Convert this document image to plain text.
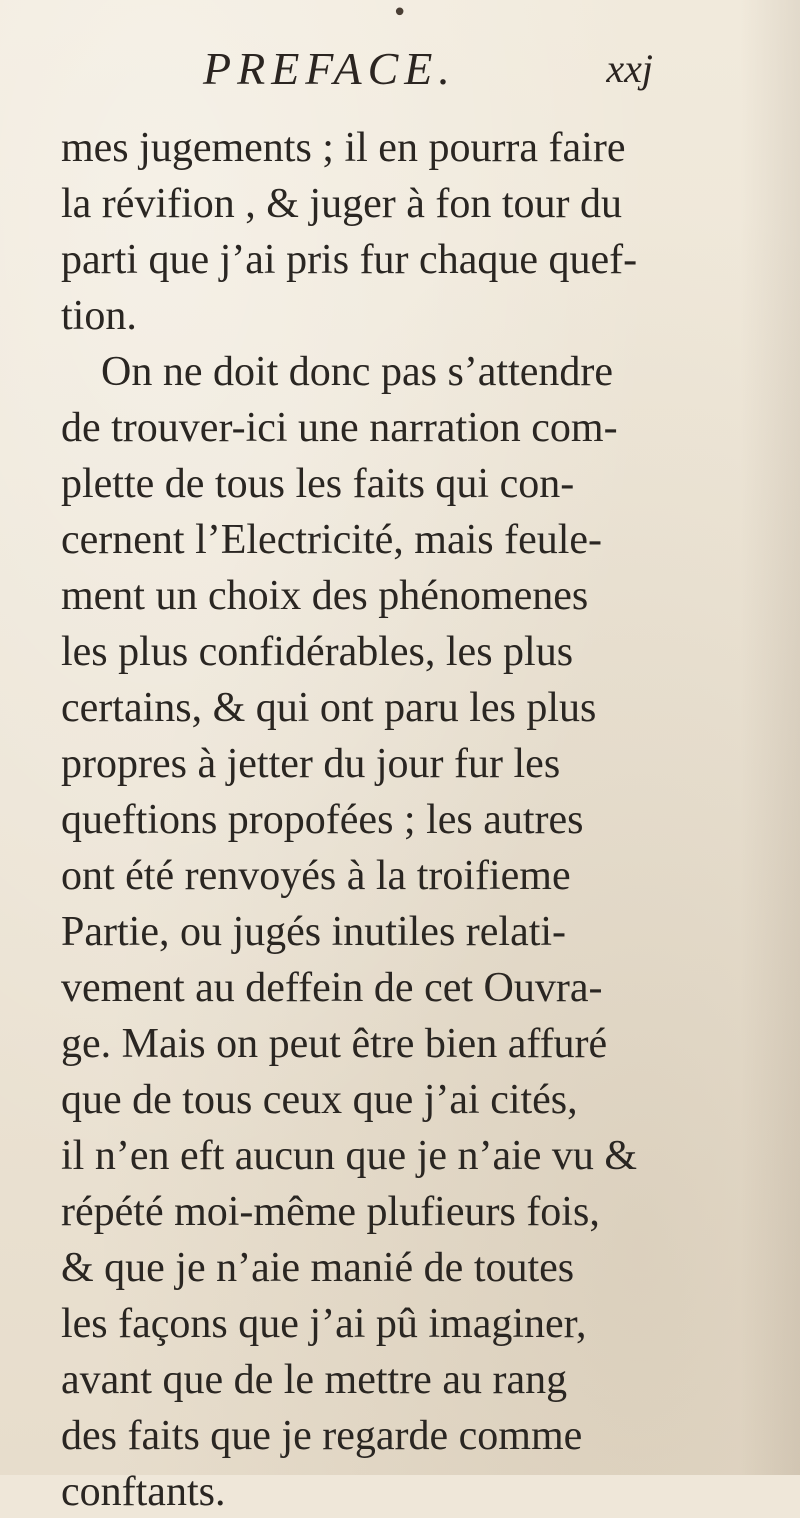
•
PREFACE.	xxj
mes jugements ; il en pourra faire
la révifion , & juger à fon tour du
parti que j’ai pris fur chaque quef-
tion.
On ne doit donc pas s’attendre
de trouver-ici une narration com-
plette de tous les faits qui con-
cernent l’Electricité, mais feule-
ment un choix des phénomenes
les plus confidérables, les plus
certains, & qui ont paru les plus
propres à jetter du jour fur les
queftions propofées ; les autres
ont été renvoyés à la troifieme
Partie, ou jugés inutiles relati-
vement au deffein de cet Ouvra-
ge. Mais on peut être bien affuré
que de tous ceux que j’ai cités,
il n’en eft aucun que je n’aie vu &
répété moi-même plufieurs fois,
& que je n’aie manié de toutes
les façons que j’ai pû imaginer,
avant que de le mettre au rang
des faits que je regarde comme
conftants.
